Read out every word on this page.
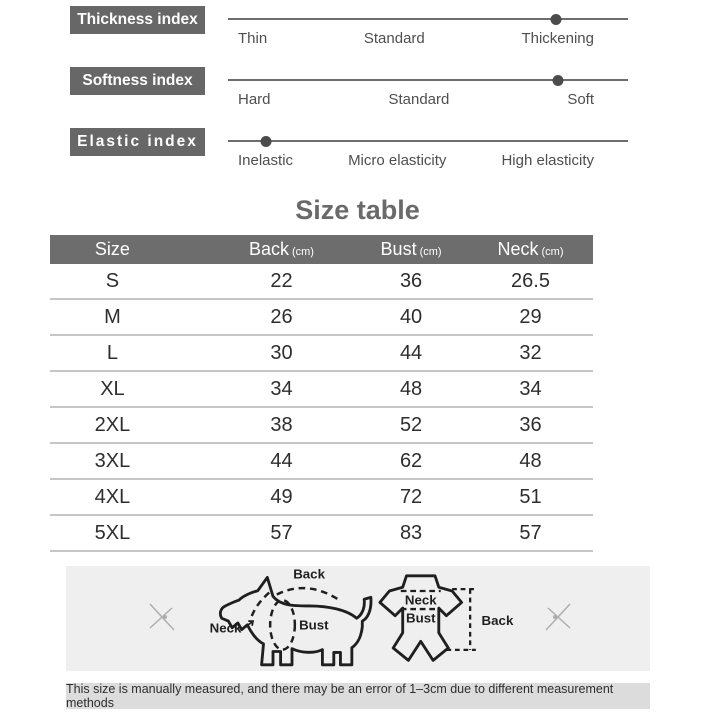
Thickness index
Thin	Standard	Thickening
Softness index
Hard	Standard	Soft
Elastic index
Inelastic	Micro elasticity	High elasticity
Size table
Size	Back (cm)	Bust (cm)	Neck (cm)
S	22	36	26.5
M	26	40	29
L	30	44	32
XL	34	48	34
2XL	38	52	36
3XL	44	62	48
4XL	49	72	51
5XL	57	83	57
Back
Bust
Neck
Neck
Bust	Back
This size is manually measured, and there may be an error of 1–3cm due to different measurement methods
